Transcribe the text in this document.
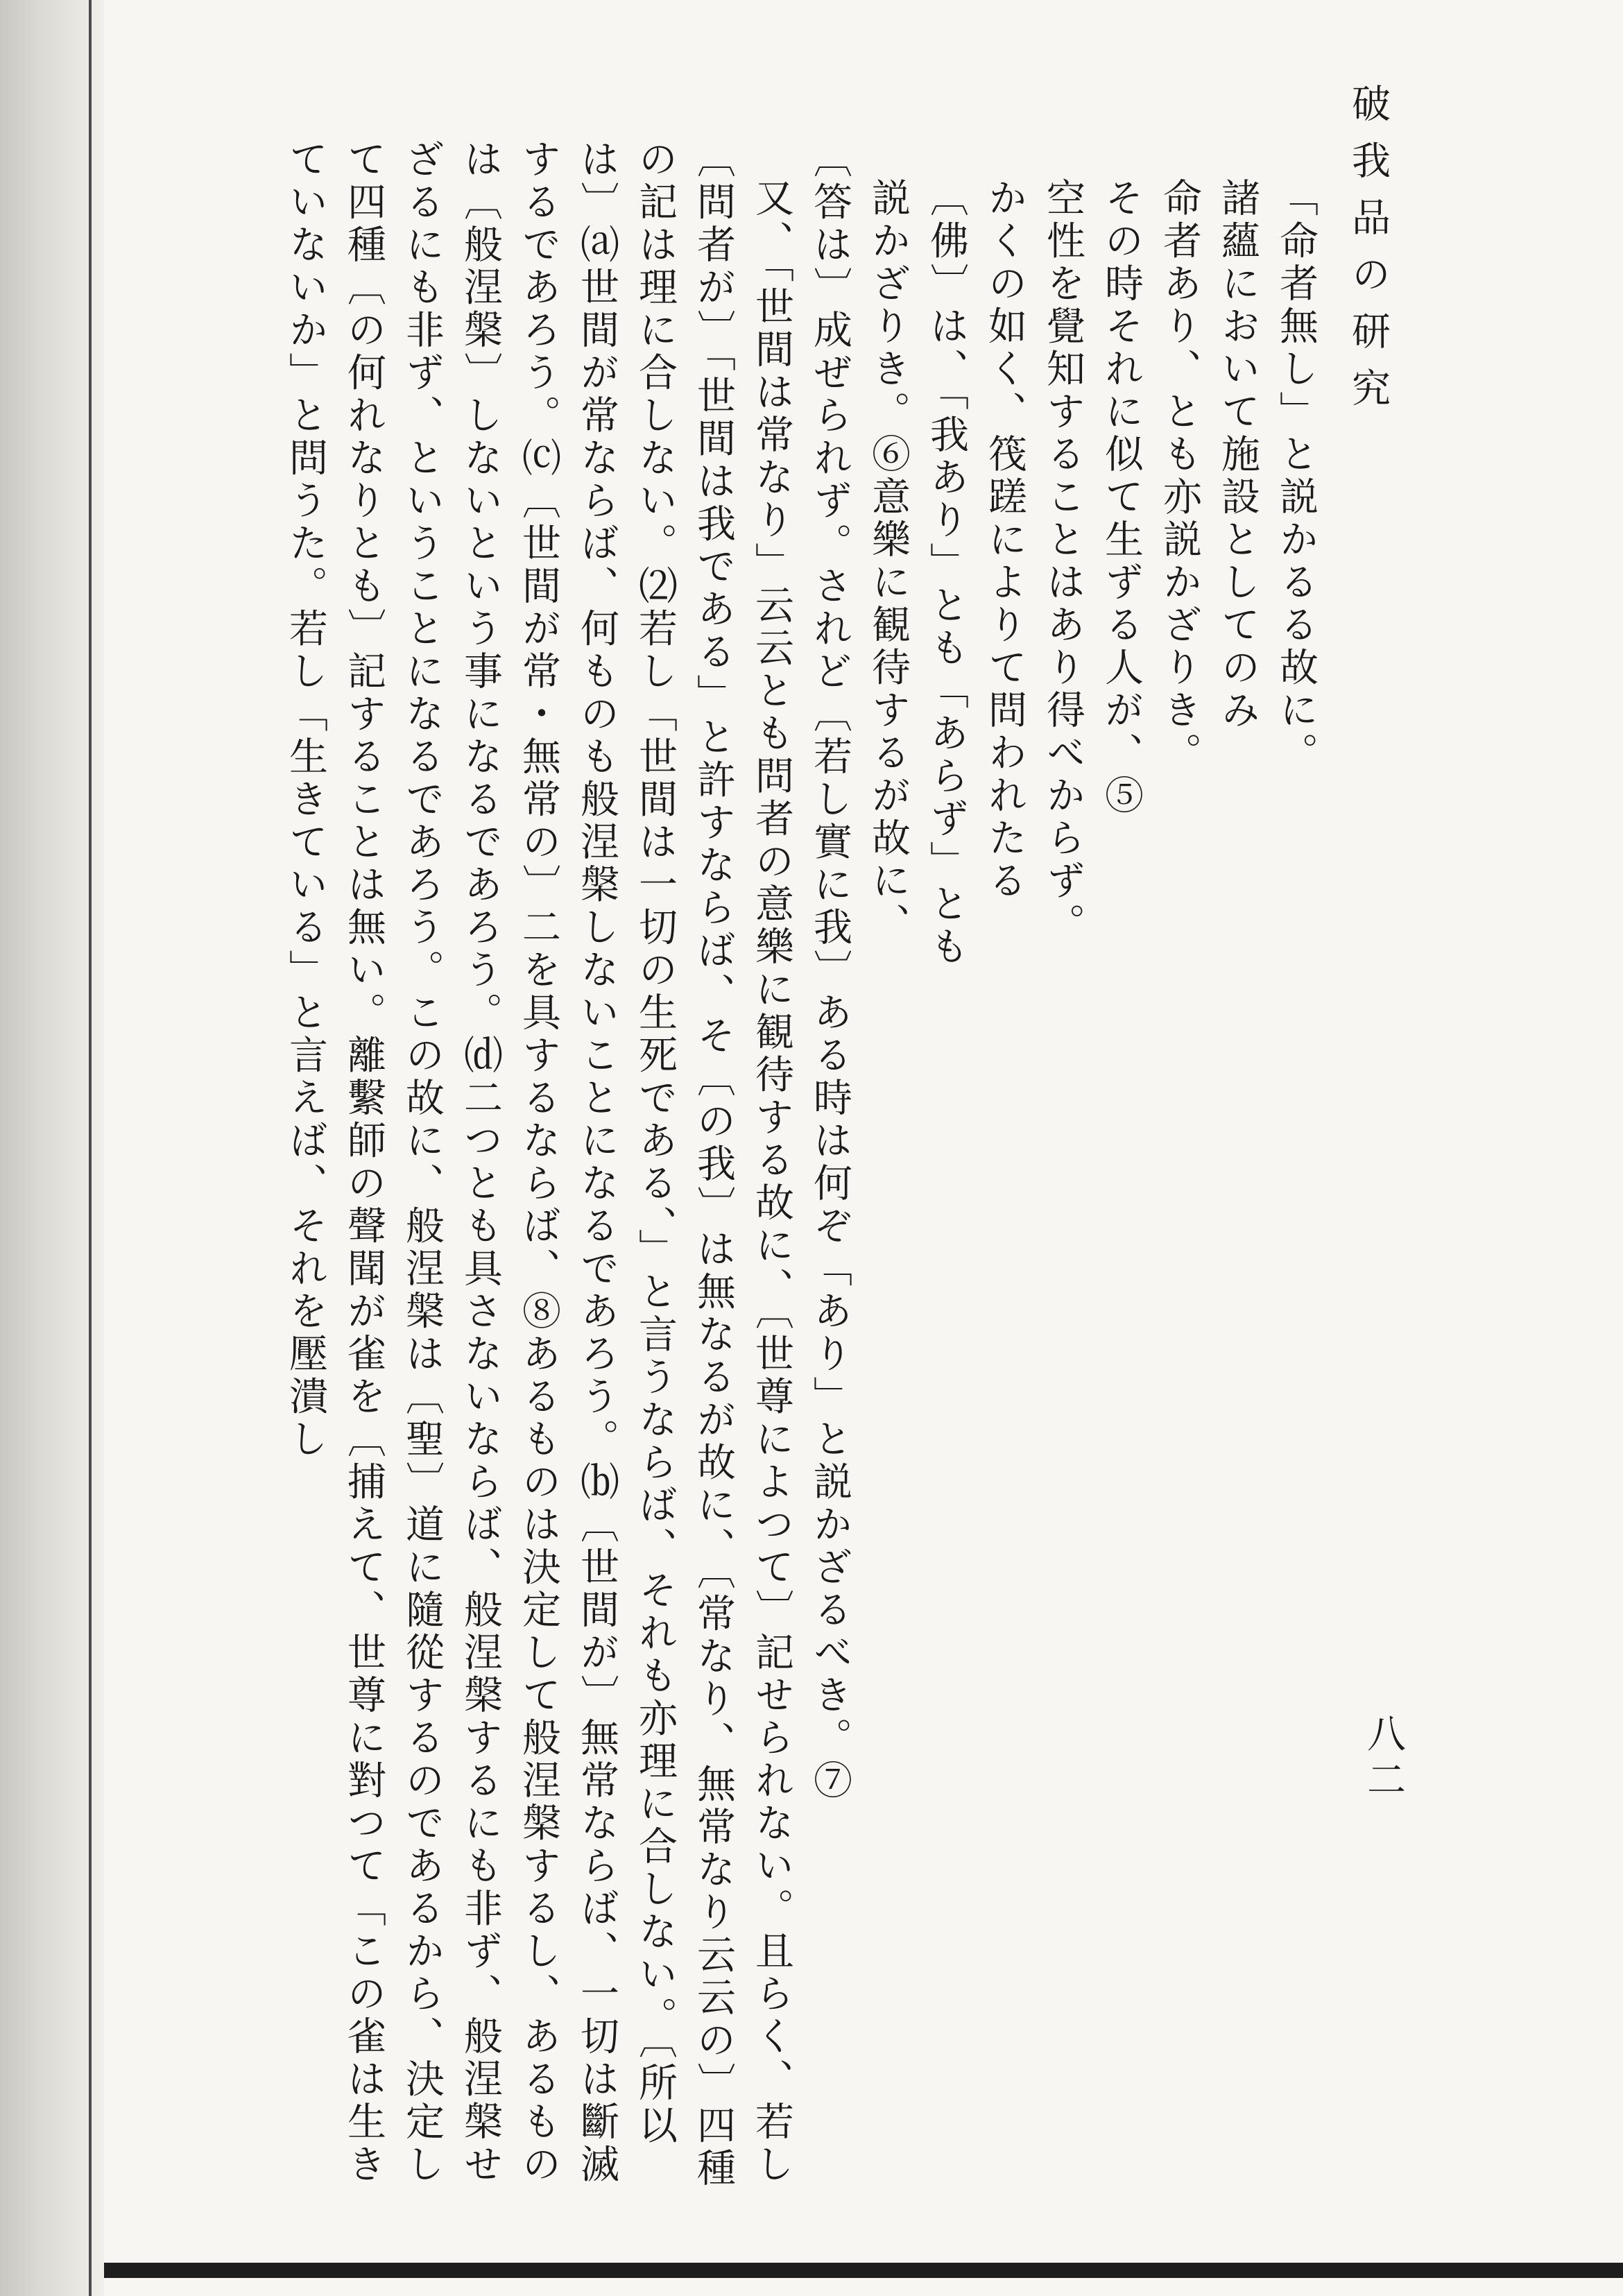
破我品の研究
八二
「命者無し」と説かるる故に。
諸蘊において施設としてのみ
命者あり、とも亦説かざりき。
その時それに似て生ずる人が、⑤
空性を覺知することはあり得べからず。
かくの如く、筏蹉によりて問われたる
〔佛〕は、「我あり」とも「あらず」とも
説かざりき。⑥意樂に観待するが故に、

〔答は〕成ぜられず。されど〔若し實に我〕ある時は何ぞ「あり」と説かざるべき。⑦

又、「世間は常なり」云云とも問者の意樂に観待する故に、〔世尊によつて〕記せられない。且らく、若し〔問者が〕「世間は我である」と許すならば、そ〔の我〕は無なるが故に、〔常なり、無常なり云云の〕四種の記は理に合しない。⑵若し「世間は一切の生死である、」と言うならば、それも亦理に合しない。〔所以は〕⒜世間が常ならば、何ものも般涅槃しないことになるであろう。⒝〔世間が〕無常ならば、一切は斷滅するであろう。⒞〔世間が常・無常の〕二を具するならば、⑧あるものは決定して般涅槃するし、あるものは〔般涅槃〕しないという事になるであろう。⒟二つとも具さないならば、般涅槃するにも非ず、般涅槃せざるにも非ず、ということになるであろう。この故に、般涅槃は〔聖〕道に隨從するのであるから、決定して四種〔の何れなりとも〕記することは無い。離繫師の聲聞が雀を〔捕えて、世尊に對つて「この雀は生きていないか」と問うた。若し「生きている」と言えば、それを壓潰し
